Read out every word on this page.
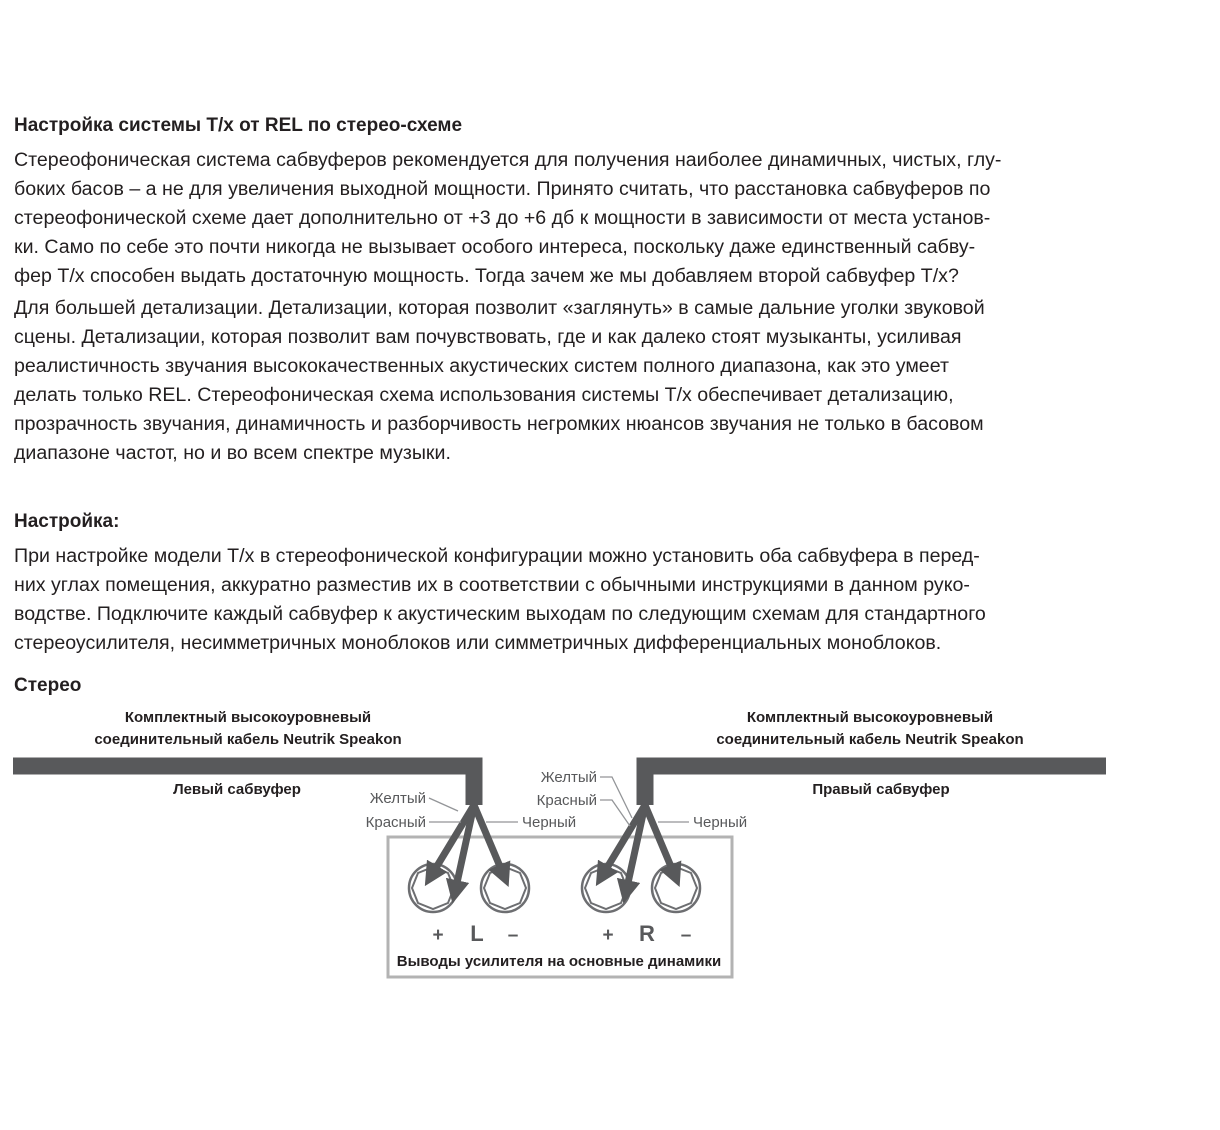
Настройка системы T/x от REL по стерео-схеме
Стереофоническая система сабвуферов рекомендуется для получения наиболее динамичных, чистых, глу-
боких басов – а не для увеличения выходной мощности. Принято считать, что расстановка сабвуферов по
стереофонической схеме дает дополнительно от +3 до +6 дб к мощности в зависимости от места установ-
ки. Само по себе это почти никогда не вызывает особого интереса, поскольку даже единственный сабву-
фер T/x способен выдать достаточную мощность. Тогда зачем же мы добавляем второй сабвуфер T/x?
Для большей детализации. Детализации, которая позволит «заглянуть» в самые дальние уголки звуковой
сцены. Детализации, которая позволит вам почувствовать, где и как далеко стоят музыканты, усиливая
реалистичность звучания высококачественных акустических систем полного диапазона, как это умеет
делать только REL. Стереофоническая схема использования системы T/x обеспечивает детализацию,
прозрачность звучания, динамичность и разборчивость негромких нюансов звучания не только в басовом
диапазоне частот, но и во всем спектре музыки.
Настройка:
При настройке модели T/x в стереофонической конфигурации можно установить оба сабвуфера в перед-
них углах помещения, аккуратно разместив их в соответствии с обычными инструкциями в данном руко-
водстве. Подключите каждый сабвуфер к акустическим выходам по следующим схемам для стандартного
стереоусилителя, несимметричных моноблоков или симметричных дифференциальных моноблоков.
Стерео
Комплектный высокоуровневый
соединительный кабель Neutrik Speakon
Комплектный высокоуровневый
соединительный кабель Neutrik Speakon
Левый сабвуфер	Правый сабвуфер
Желтый
Красный	Черный
Желтый
Красный
Черный
+ L –	+ R –
Выводы усилителя на основные динамики
